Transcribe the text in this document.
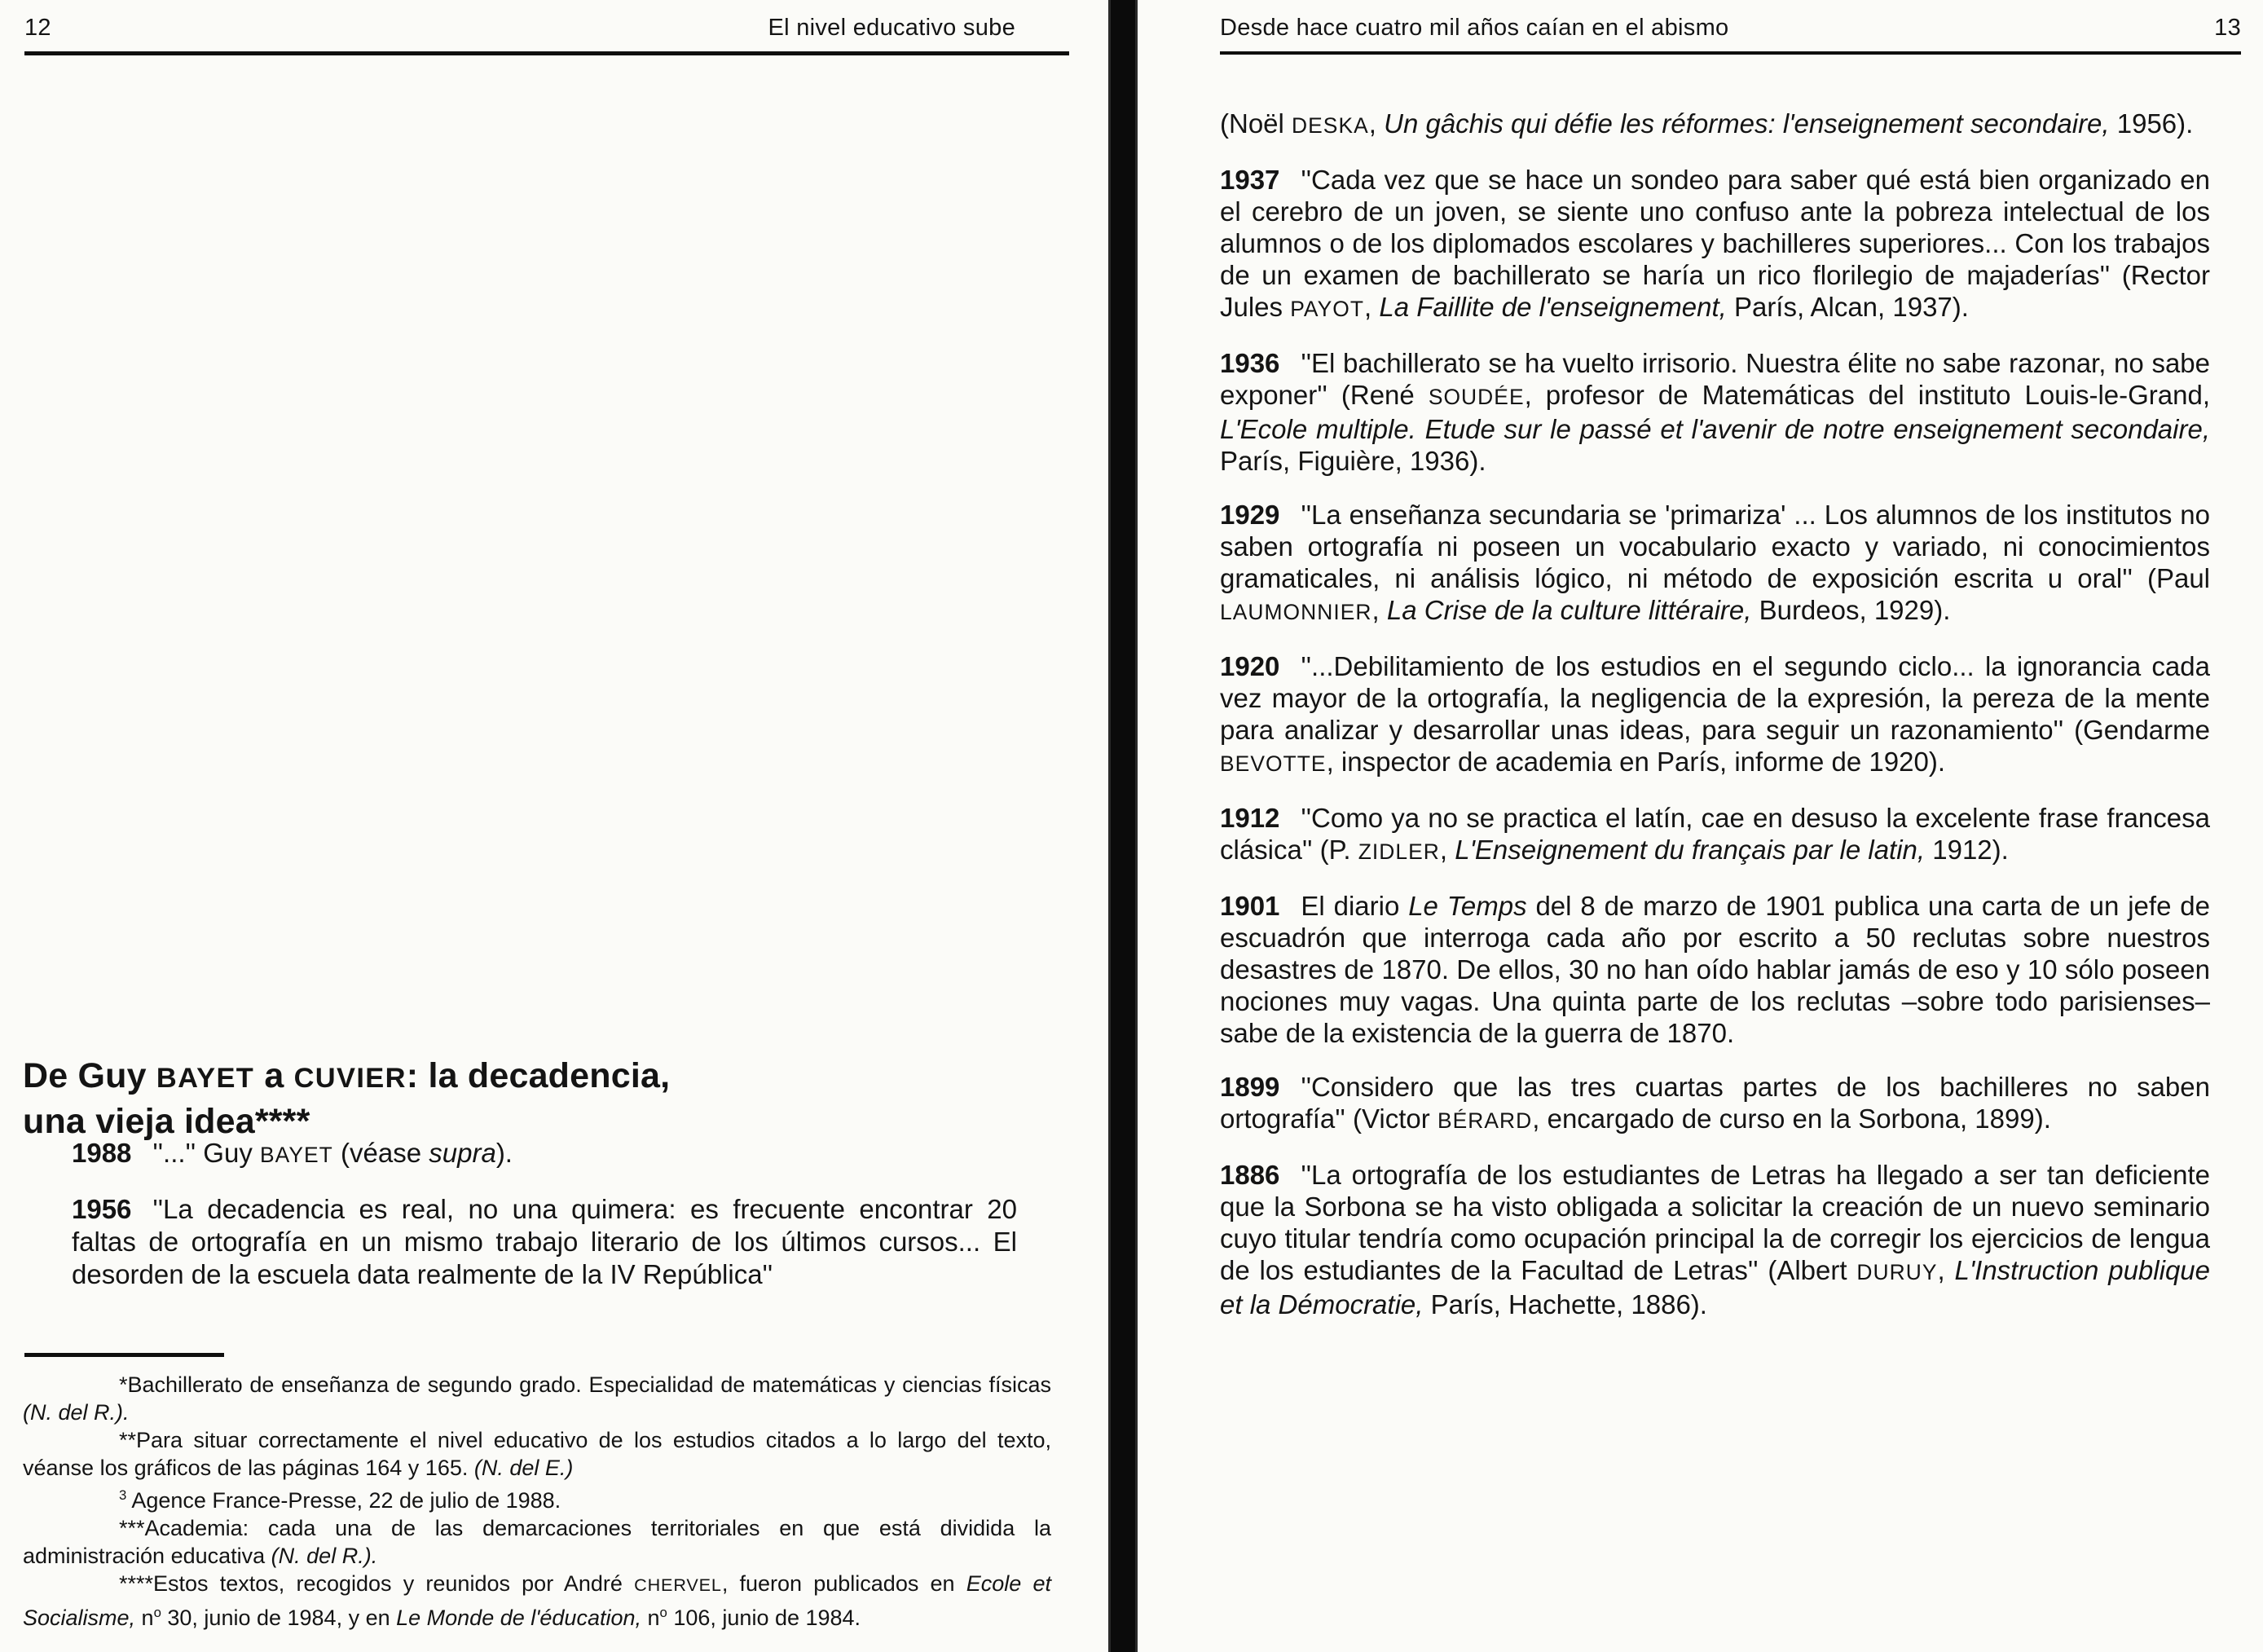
12	El nivel educativo sube
De Guy BAYET a CUVIER: la decadencia,
una vieja idea****

1988 ''...'' Guy BAYET (véase supra).

1956 ''La decadencia es real, no una quimera: es frecuente encontrar 20 faltas de ortografía en un mismo trabajo literario de los últimos cursos... El desorden de la escuela data realmente de la IV República''

*Bachillerato de enseñanza de segundo grado. Especialidad de matemáticas y ciencias físicas (N. del R.).

**Para situar correctamente el nivel educativo de los estudios citados a lo largo del texto, véanse los gráficos de las páginas 164 y 165. (N. del E.)

$^3$ Agence France-Presse, 22 de julio de 1988.

***Academia: cada una de las demarcaciones territoriales en que está dividida la administración educativa (N. del R.).

****Estos textos, recogidos y reunidos por André CHERVEL, fueron publicados en Ecole et Socialisme, $n^o$ 30, junio de 1984, y en Le Monde de l'éducation, $n^o$ 106, junio de 1984.

Desde hace cuatro mil años caían en el abismo	13

(Noël DESKA, Un gâchis qui défie les réformes: l'enseignement secondaire, 1956).

1937 ''Cada vez que se hace un sondeo para saber qué está bien organizado en el cerebro de un joven, se siente uno confuso ante la pobreza intelectual de los alumnos o de los diplomados escolares y bachilleres superiores... Con los trabajos de un examen de bachillerato se haría un rico florilegio de majaderías'' (Rector Jules PAYOT, La Faillite de l'enseignement, París, Alcan, 1937).

1936 ''El bachillerato se ha vuelto irrisorio. Nuestra élite no sabe razonar, no sabe exponer'' (René SOUDÉE, profesor de Matemáticas del instituto Louis-le-Grand, L'Ecole multiple. Etude sur le passé et l'avenir de notre enseignement secondaire, París, Figuière, 1936).

1929 ''La enseñanza secundaria se 'primariza' ... Los alumnos de los institutos no saben ortografía ni poseen un vocabulario exacto y variado, ni conocimientos gramaticales, ni análisis lógico, ni método de exposición escrita u oral'' (Paul LAUMONNIER, La Crise de la culture littéraire, Burdeos, 1929).

1920 ''...Debilitamiento de los estudios en el segundo ciclo... la ignorancia cada vez mayor de la ortografía, la negligencia de la expresión, la pereza de la mente para analizar y desarrollar unas ideas, para seguir un razonamiento'' (Gendarme BEVOTTE, inspector de academia en París, informe de 1920).

1912 ''Como ya no se practica el latín, cae en desuso la excelente frase francesa clásica'' (P. ZIDLER, L'Enseignement du français par le latin, 1912).

1901 El diario Le Temps del 8 de marzo de 1901 publica una carta de un jefe de escuadrón que interroga cada año por escrito a 50 reclutas sobre nuestros desastres de 1870. De ellos, 30 no han oído hablar jamás de eso y 10 sólo poseen nociones muy vagas. Una quinta parte de los reclutas –sobre todo parisienses– sabe de la existencia de la guerra de 1870.

1899 ''Considero que las tres cuartas partes de los bachilleres no saben ortografía'' (Victor BÉRARD, encargado de curso en la Sorbona, 1899).

1886 ''La ortografía de los estudiantes de Letras ha llegado a ser tan deficiente que la Sorbona se ha visto obligada a solicitar la creación de un nuevo seminario cuyo titular tendría como ocupación principal la de corregir los ejercicios de lengua de los estudiantes de la Facultad de Letras'' (Albert DURUY, L'Instruction publique et la Démocratie, París, Hachette, 1886).
